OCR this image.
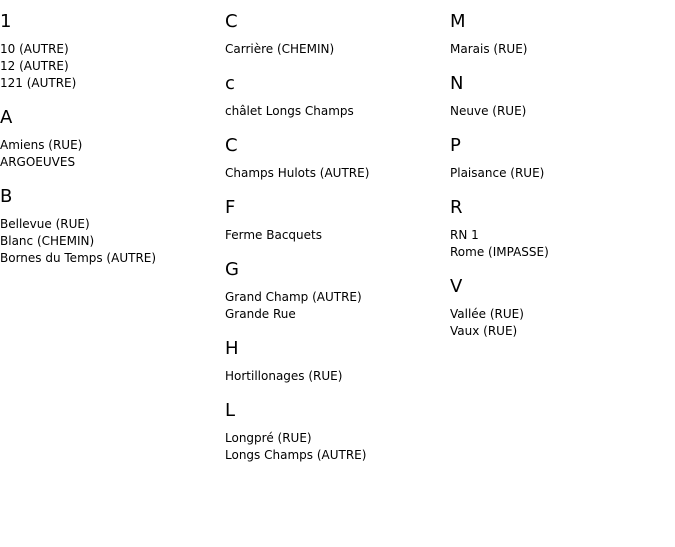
1
10 (AUTRE)
12 (AUTRE)
121 (AUTRE)
A
Amiens (RUE)
ARGOEUVES
B
Bellevue (RUE)
Blanc (CHEMIN)
Bornes du Temps (AUTRE)
C
Carrière (CHEMIN)
c
châlet Longs Champs
C
Champs Hulots (AUTRE)
F
Ferme Bacquets
G
Grand Champ (AUTRE)
Grande Rue
H
Hortillonages (RUE)
L
Longpré (RUE)
Longs Champs (AUTRE)
M
Marais (RUE)
N
Neuve (RUE)
P
Plaisance (RUE)
R
RN 1
Rome (IMPASSE)
V
Vallée (RUE)
Vaux (RUE)
